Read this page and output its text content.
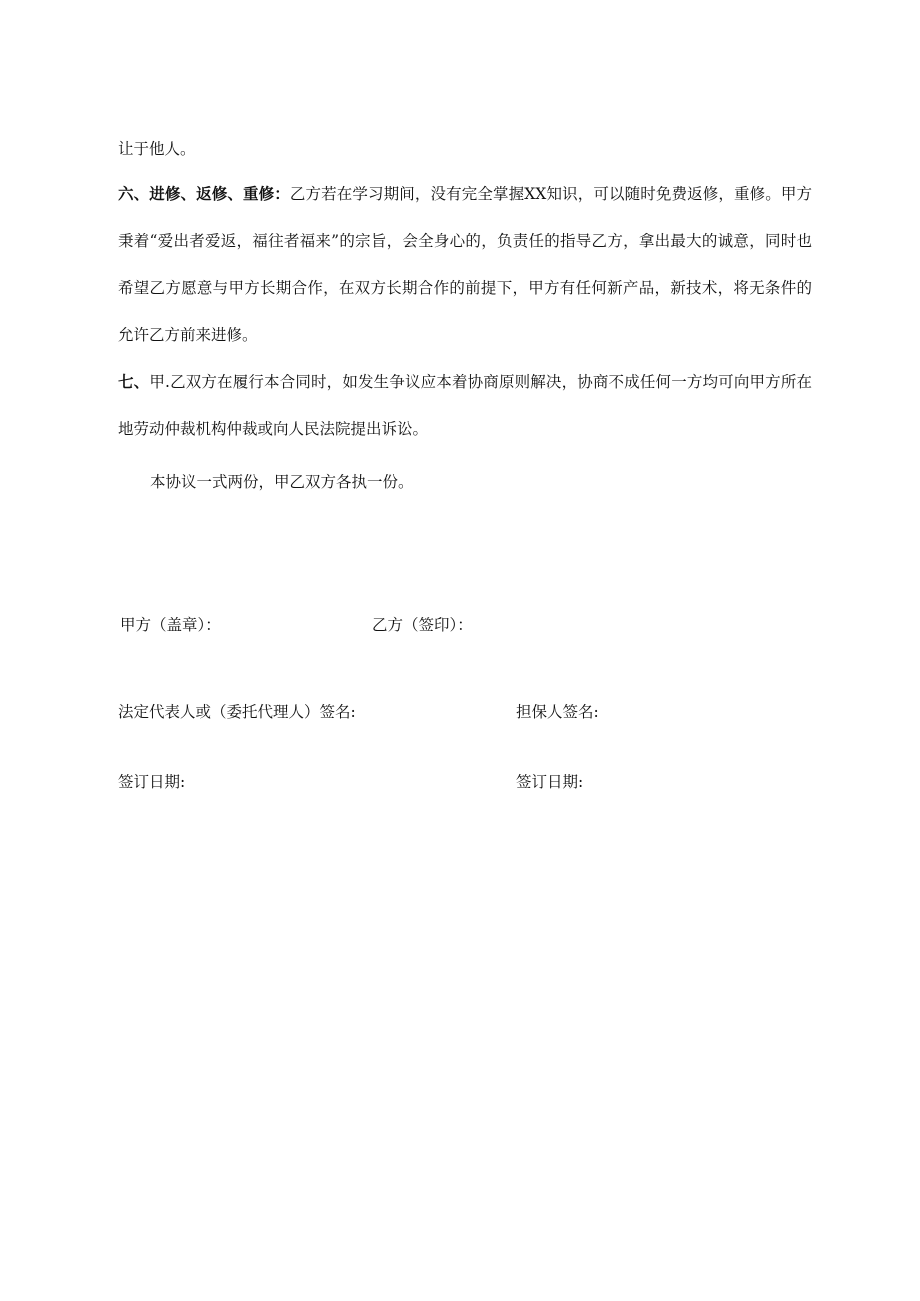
让于他人。
六、进修、返修、重修：乙方若在学习期间，没有完全掌握XX知识，可以随时免费返修，重修。甲方秉着“爱出者爱返，福往者福来”的宗旨，会全身心的，负责任的指导乙方，拿出最大的诚意，同时也希望乙方愿意与甲方长期合作，在双方长期合作的前提下，甲方有任何新产品，新技术，将无条件的允许乙方前来进修。
七、甲.乙双方在履行本合同时，如发生争议应本着协商原则解决，协商不成任何一方均可向甲方所在地劳动仲裁机构仲裁或向人民法院提出诉讼。
本协议一式两份，甲乙双方各执一份。
甲方（盖章）：	乙方（签印）：
法定代表人或（委托代理人）签名:	担保人签名:
签订日期:	签订日期:
